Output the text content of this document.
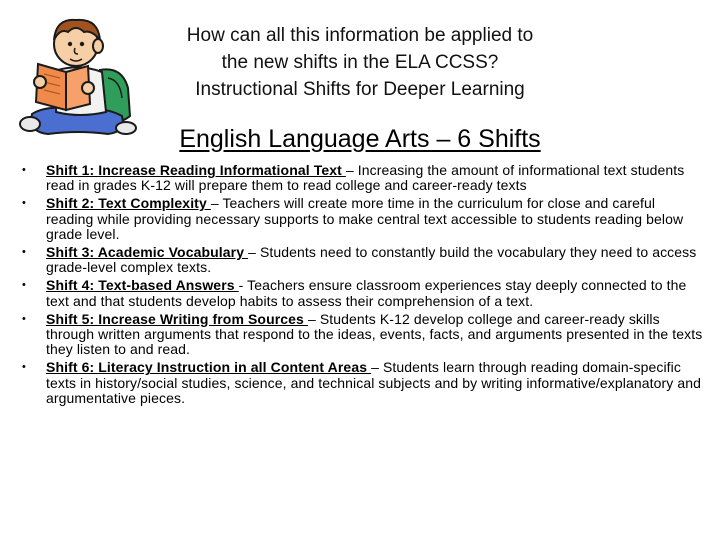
How can all this information be applied to
the new shifts in the ELA CCSS?
Instructional Shifts for Deeper Learning
English Language Arts – 6 Shifts
• Shift 1: Increase Reading Informational Text – Increasing the amount of informational text students read in grades K-12 will prepare them to read college and career-ready texts
• Shift 2: Text Complexity – Teachers will create more time in the curriculum for close and careful reading while providing necessary supports to make central text accessible to students reading below grade level.
• Shift 3: Academic Vocabulary – Students need to constantly build the vocabulary they need to access grade-level complex texts.
• Shift 4: Text-based Answers - Teachers ensure classroom experiences stay deeply connected to the text and that students develop habits to assess their comprehension of a text.
• Shift 5: Increase Writing from Sources – Students K-12 develop college and career-ready skills through written arguments that respond to the ideas, events, facts, and arguments presented in the texts they listen to and read.
• Shift 6: Literacy Instruction in all Content Areas – Students learn through reading domain-specific texts in history/social studies, science, and technical subjects and by writing informative/explanatory and argumentative pieces.
